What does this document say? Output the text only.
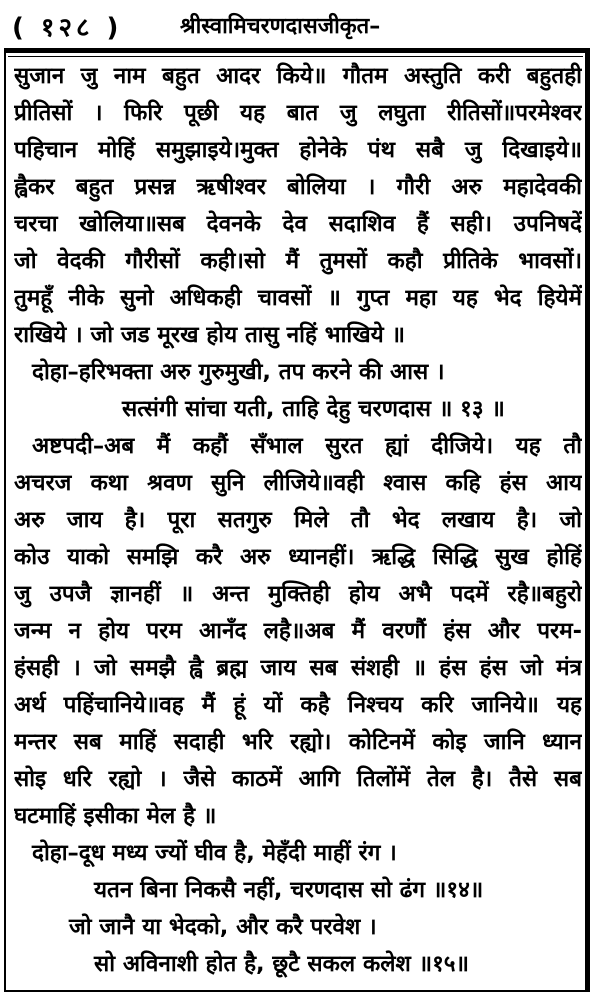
( १२८ )	श्रीस्वामिचरणदासजीकृत–
सुजान जु नाम बहुत आदर किये॥ गौतम अस्तुति करी बहुतही
प्रीतिसों । फिरि पूछी यह बात जु लघुता रीतिसों॥परमेश्वर
पहिचान मोहिं समुझाइये।मुक्त होनेके पंथ सबै जु दिखाइये॥
ह्वैकर बहुत प्रसन्न ऋषीश्वर बोलिया । गौरी अरु महादेवकी
चरचा खोलिया॥सब देवनके देव सदाशिव हैं सही। उपनिषदें
जो वेदकी गौरीसों कही।सो मैं तुमसों कहौ प्रीतिके भावसों।
तुमहूँ नीके सुनो अधिकही चावसों ॥ गुप्त महा यह भेद हियेमें
राखिये । जो जड मूरख होय तासु नहिं भाखिये ॥
दोहा–हरिभक्ता अरु गुरुमुखी, तप करने की आस ।
सत्संगी सांचा यती, ताहि देहु चरणदास ॥ १३ ॥
अष्टपदी–अब मैं कहौं सँभाल सुरत ह्यां दीजिये। यह तौ
अचरज कथा श्रवण सुनि लीजिये॥वही श्वास कहि हंस आय
अरु जाय है। पूरा सतगुरु मिले तौ भेद लखाय है। जो
कोउ याको समझि करै अरु ध्यानहीं। ऋद्धि सिद्धि सुख होहिं
जु उपजै ज्ञानहीं ॥ अन्त मुक्तिही होय अभै पदमें रहै॥बहुरो
जन्म न होय परम आनँद लहै॥अब मैं वरणौं हंस और परम-
हंसही । जो समझै ह्वै ब्रह्म जाय सब संशही ॥ हंस हंस जो मंत्र
अर्थ पहिंचानिये॥वह मैं हूं यों कहै निश्चय करि जानिये॥ यह
मन्तर सब माहिं सदाही भरि रह्यो। कोटिनमें कोइ जानि ध्यान
सोइ धरि रह्यो । जैसे काठमें आगि तिलोंमें तेल है। तैसे सब
घटमाहिं इसीका मेल है ॥
दोहा–दूध मध्य ज्यों घीव है, मेहँदी माहीं रंग ।
यतन बिना निकसै नहीं, चरणदास सो ढंग ॥१४॥
जो जानै या भेदको, और करै परवेश ।
सो अविनाशी होत है, छूटै सकल कलेश ॥१५॥
